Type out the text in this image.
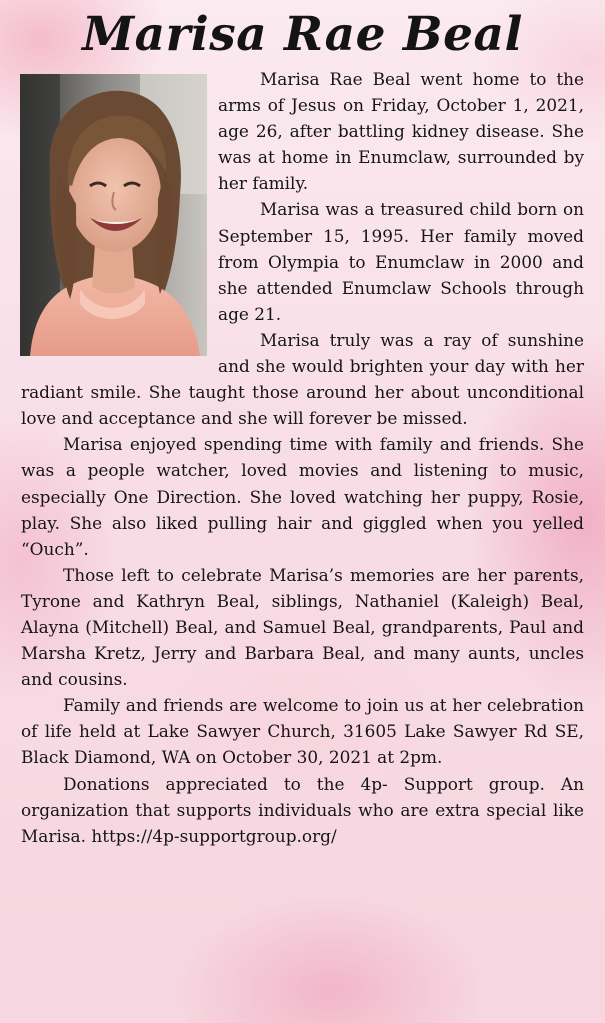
Marisa Rae Beal

Marisa Rae Beal went home to the arms of Jesus on Friday, October 1, 2021, age 26, after battling kidney disease. She was at home in Enumclaw, surrounded by her family.

Marisa was a treasured child born on September 15, 1995. Her family moved from Olympia to Enumclaw in 2000 and she attended Enumclaw Schools through age 21.

Marisa truly was a ray of sunshine and she would brighten your day with her radiant smile. She taught those around her about unconditional love and acceptance and she will forever be missed.

Marisa enjoyed spending time with family and friends. She was a people watcher, loved movies and listening to music, especially One Direction. She loved watching her puppy, Rosie, play. She also liked pulling hair and giggled when you yelled “Ouch”.

Those left to celebrate Marisa’s memories are her parents, Tyrone and Kathryn Beal, siblings, Nathaniel (Kaleigh) Beal, Alayna (Mitchell) Beal, and Samuel Beal, grandparents, Paul and Marsha Kretz, Jerry and Barbara Beal, and many aunts, uncles and cousins.

Family and friends are welcome to join us at her celebration of life held at Lake Sawyer Church, 31605 Lake Sawyer Rd SE, Black Diamond, WA on October 30, 2021 at 2pm.

Donations appreciated to the 4p- Support group. An organization that supports individuals who are extra special like Marisa. https://4p-supportgroup.org/
